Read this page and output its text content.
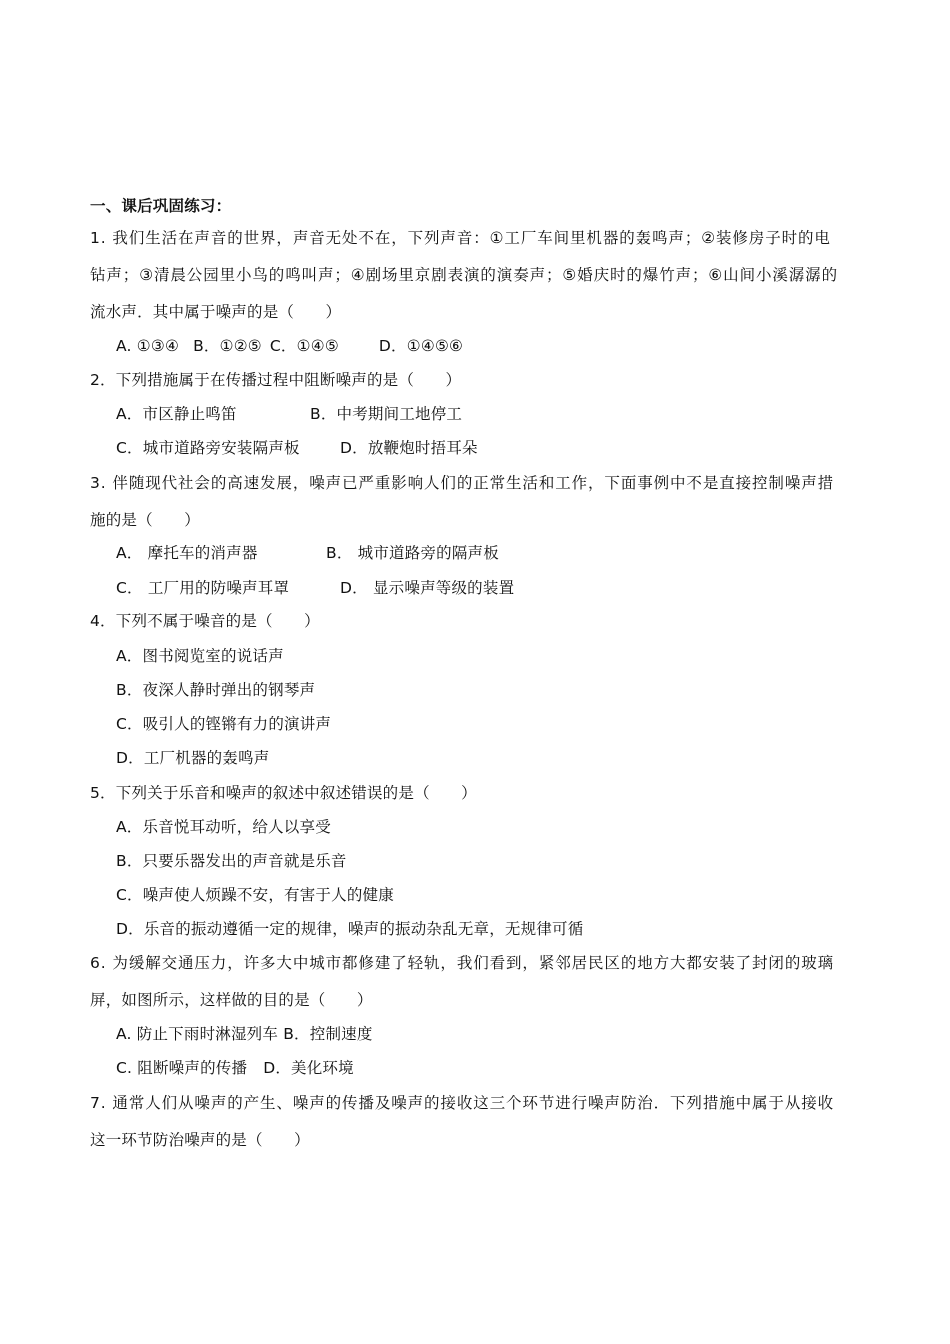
一、课后巩固练习：
1. 我们生活在声音的世界，声音无处不在，下列声音：①工厂车间里机器的轰鸣声；②装修房子时的电
钻声；③清晨公园里小鸟的鸣叫声；④剧场里京剧表演的演奏声；⑤婚庆时的爆竹声；⑥山间小溪潺潺的
流水声．其中属于噪声的是（　　）
A. ①③④ B．①②⑤ C．①④⑤	D．①④⑤⑥
2．下列措施属于在传播过程中阻断噪声的是（　　）
A．市区静止鸣笛	B．中考期间工地停工
C．城市道路旁安装隔声板	D．放鞭炮时捂耳朵
3. 伴随现代社会的高速发展，噪声已严重影响人们的正常生活和工作，下面事例中不是直接控制噪声措
施的是（　　）
A． 摩托车的消声器	B． 城市道路旁的隔声板
C． 工厂用的防噪声耳罩	D． 显示噪声等级的装置
4．下列不属于噪音的是（　　）
A．图书阅览室的说话声
B．夜深人静时弹出的钢琴声
C．吸引人的铿锵有力的演讲声
D．工厂机器的轰鸣声
5．下列关于乐音和噪声的叙述中叙述错误的是（　　）
A．乐音悦耳动听，给人以享受
B．只要乐器发出的声音就是乐音
C．噪声使人烦躁不安，有害于人的健康
D．乐音的振动遵循一定的规律，噪声的振动杂乱无章，无规律可循
6. 为缓解交通压力，许多大中城市都修建了轻轨，我们看到，紧邻居民区的地方大都安装了封闭的玻璃
屏，如图所示，这样做的目的是（　　）
A. 防止下雨时淋湿列车 B．控制速度
C. 阻断噪声的传播 D．美化环境
7. 通常人们从噪声的产生、噪声的传播及噪声的接收这三个环节进行噪声防治．下列措施中属于从接收
这一环节防治噪声的是（　　）
